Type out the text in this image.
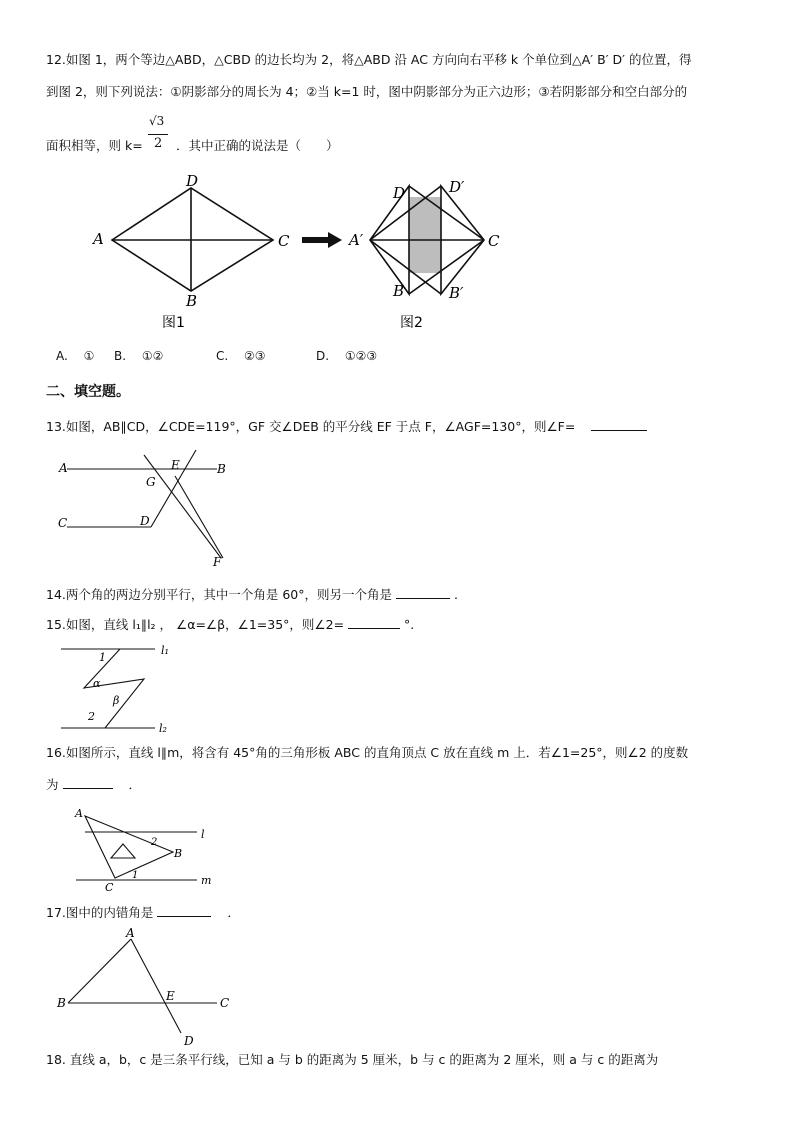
12.如图 1，两个等边△ABD，△CBD 的边长均为 2，将△ABD 沿 AC 方向向右平移 k 个单位到△A′ B′ D′ 的位置，得
到图 2，则下列说法：①阴影部分的周长为 4；②当 k=1 时，图中阴影部分为正六边形；③若阴影部分和空白部分的
面积相等，则 k=
√3
2 ．其中正确的说法是（　　）
A
D
C
B
图1
A′
D	D′
C
B	B′
图2
A. ① B. ①②	C. ②③	D. ①②③
二、填空题。
13.如图，AB∥CD，∠CDE=119°，GF 交∠DEB 的平分线 EF 于点 F，∠AGF=130°，则∠F=
A	B
E
G
C	D
F
14.两个角的两边分别平行，其中一个角是 60°，则另一个角是	.
15.如图，直线 l₁∥l₂ ， ∠α=∠β，∠1=35°，则∠2=	°.
l₁
l₂
1
α
β
2
16.如图所示，直线 l∥m，将含有 45°角的三角形板 ABC 的直角顶点 C 放在直线 m 上．若∠1=25°，则∠2 的度数
为	．
A
B
C
l
m
2
1
17.图中的内错角是	．
A
B	C
E
D
18. 直线 a，b，c 是三条平行线，已知 a 与 b 的距离为 5 厘米，b 与 c 的距离为 2 厘米，则 a 与 c 的距离为
